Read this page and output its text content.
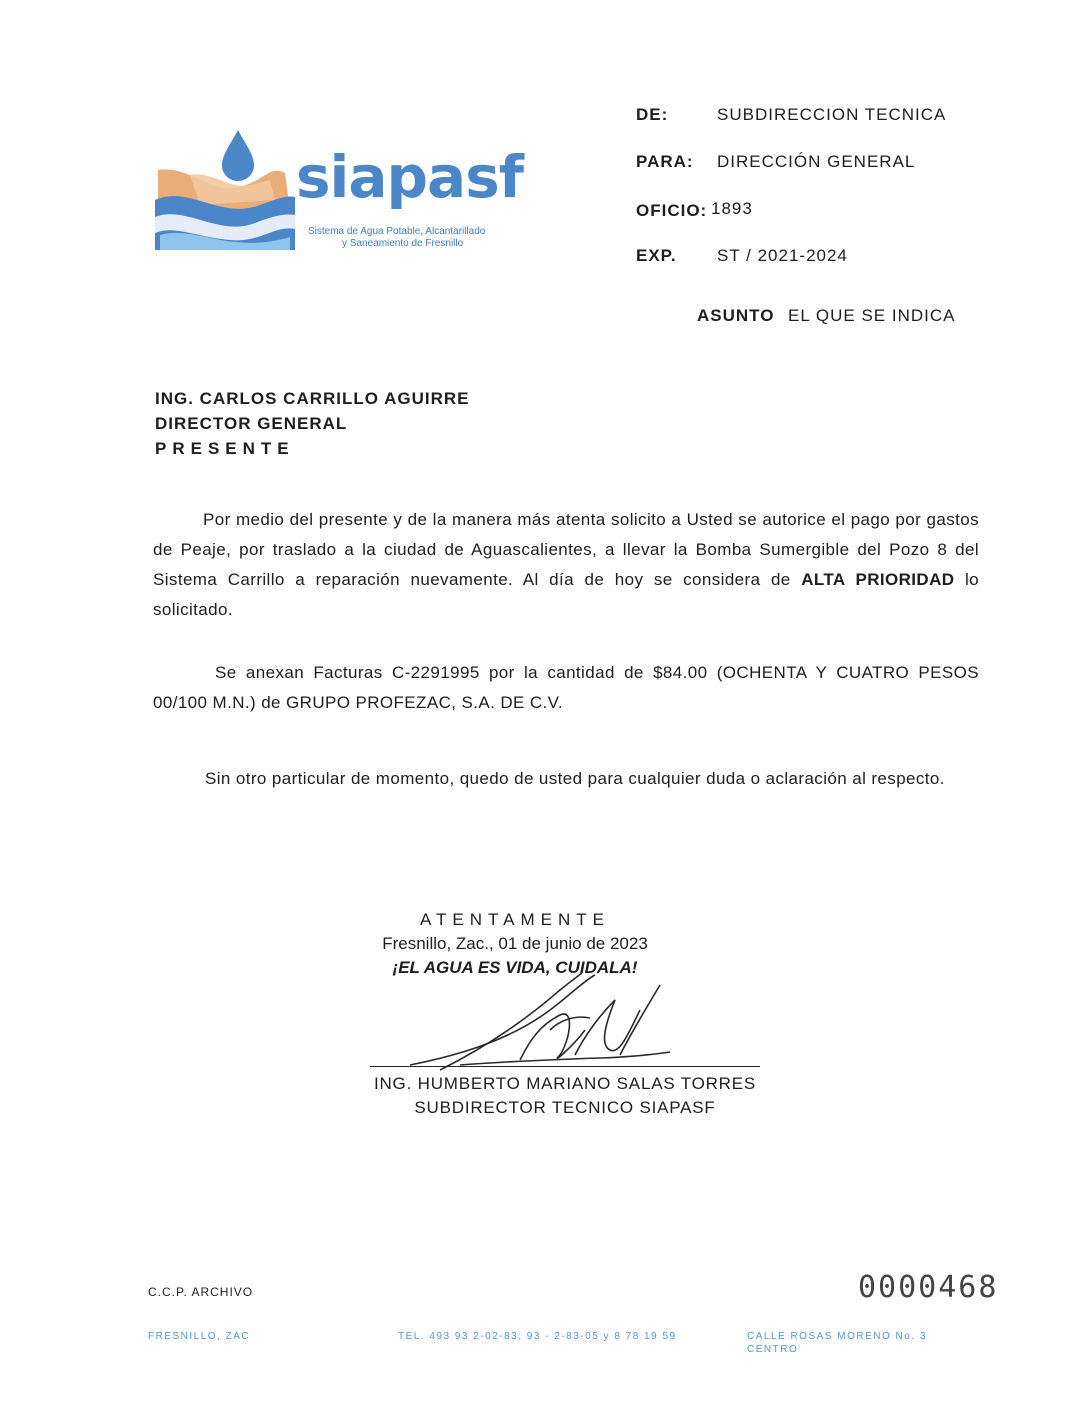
siapasf
Sistema de Agua Potable, Alcantarillado
y Saneamiento de Fresnillo
DE:	SUBDIRECCION TECNICA
PARA: DIRECCIÓN GENERAL
OFICIO: 1893
EXP. ST / 2021-2024
ASUNTO EL QUE SE INDICA
ING. CARLOS CARRILLO AGUIRRE
DIRECTOR GENERAL
PRESENTE
Por medio del presente y de la manera más atenta solicito a Usted se autorice el pago por gastos de Peaje, por traslado a la ciudad de Aguascalientes, a llevar la Bomba Sumergible del Pozo 8 del Sistema Carrillo a reparación nuevamente. Al día de hoy se considera de ALTA PRIORIDAD lo solicitado.
Se anexan Facturas C-2291995 por la cantidad de $84.00 (OCHENTA Y CUATRO PESOS 00/100 M.N.) de GRUPO PROFEZAC, S.A. DE C.V.
Sin otro particular de momento, quedo de usted para cualquier duda o aclaración al respecto.
ATENTAMENTE
Fresnillo, Zac., 01 de junio de 2023
¡EL AGUA ES VIDA, CUIDALA!
ING. HUMBERTO MARIANO SALAS TORRES
SUBDIRECTOR TECNICO SIAPASF
C.C.P. ARCHIVO	0000468
FRESNILLO, ZAC	TEL. 493 93 2-02-83, 93 - 2-83-05 y 8 78 19 59	CALLE ROSAS MORENO No. 3
CENTRO
